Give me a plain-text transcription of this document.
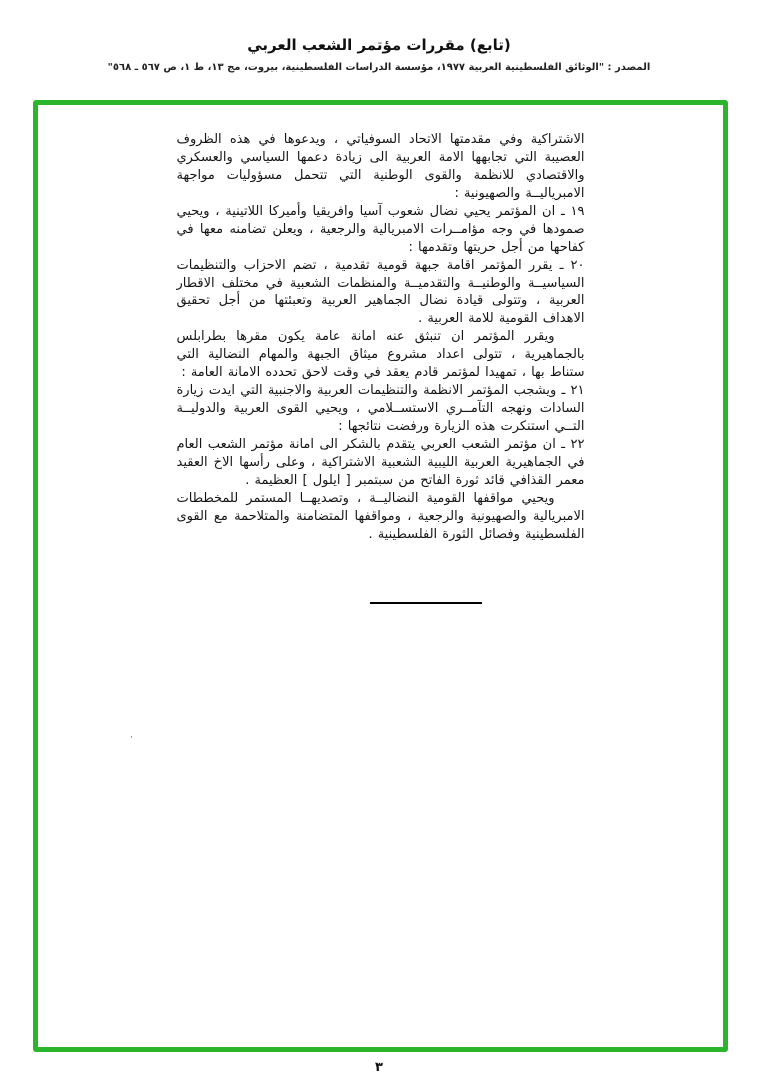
(تابع) مقررات مؤتمر الشعب العربي
المصدر : "الوثائق الفلسطينية العربية ١٩٧٧، مؤسسة الدراسات الفلسطينية، بيروت، مج ١٣، ط ١، ص ٥٦٧ ـ ٥٦٨"

الاشتراكية وفي مقدمتها الاتحاد السوفياتي ، ويدعوها في هذه الظروف العصيبة التي تجابهها الامة العربية الى زيادة دعمها السياسي والعسكري والاقتصادي للانظمة والقوى الوطنية التي تتحمل مسؤوليات مواجهة الامبرياليــة والصهيونية :

١٩ ـ ان المؤتمر يحيي نضال شعوب آسيا وافريقيا وأميركا اللاتينية ، ويحيي صمودها في وجه مؤامــرات الامبريالية والرجعية ، ويعلن تضامنه معها في كفاحها من أجل حريتها وتقدمها :

٢٠ ـ يقرر المؤتمر اقامة جبهة قومية تقدمية ، تضم الاحزاب والتنظيمات السياسيــة والوطنيــة والتقدميــة والمنظمات الشعبية في مختلف الاقطار العربية ، وتتولى قيادة نضال الجماهير العربية وتعبئتها من أجل تحقيق الاهداف القومية للامة العربية .

ويقرر المؤتمر ان تنبثق عنه امانة عامة يكون مقرها بطرابلس بالجماهيرية ، تتولى اعداد مشروع ميثاق الجبهة والمهام النضالية التي ستناط بها ، تمهيدا لمؤتمر قادم يعقد في وقت لاحق تحدده الامانة العامة :

٢١ ـ ويشجب المؤتمر الانظمة والتنظيمات العربية والاجنبية التي ايدت زيارة السادات ونهجه التآمــري الاستســلامي ، ويحيي القوى العربية والدوليــة التــي استنكرت هذه الزيارة ورفضت نتائجها :

٢٢ ـ ان مؤتمر الشعب العربي يتقدم بالشكر الى امانة مؤتمر الشعب العام في الجماهيرية العربية الليبية الشعبية الاشتراكية ، وعلى رأسها الاخ العقيد معمر القذافي قائد ثورة الفاتح من سبتمبر [ ايلول ] العظيمة .

ويحيي مواقفها القومية النضاليــة ، وتصديهــا المستمر للمخططات الامبريالية والصهيونية والرجعية ، ومواقفها المتضامنة والمتلاحمة مع القوى الفلسطينية وفصائل الثورة الفلسطينية .

·
٣
